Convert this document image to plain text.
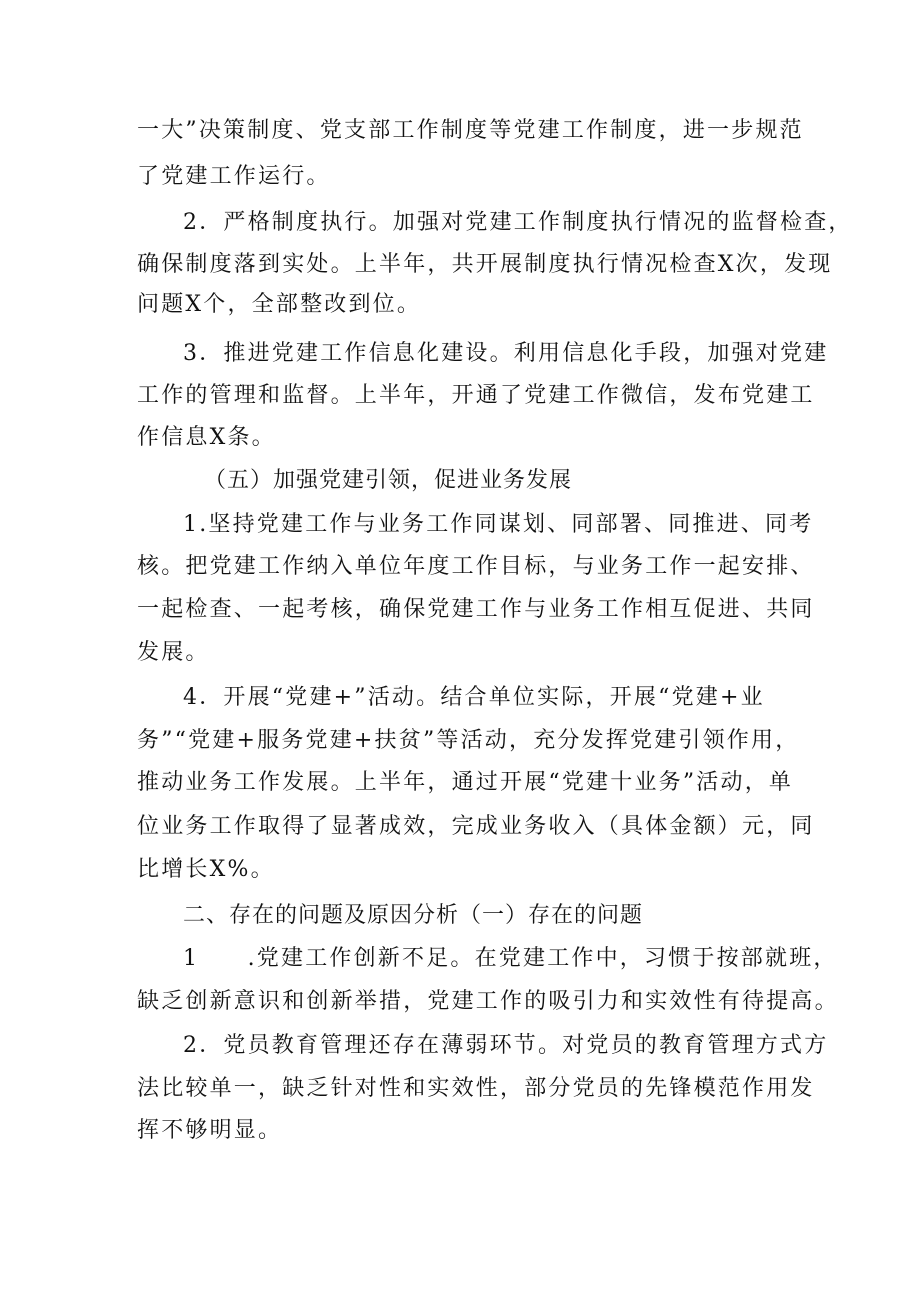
一大”决策制度、党支部工作制度等党建工作制度，进一步规范
了党建工作运行。
2．严格制度执行。加强对党建工作制度执行情况的监督检查，
确保制度落到实处。上半年，共开展制度执行情况检查X次，发现
问题X个，全部整改到位。
3．推进党建工作信息化建设。利用信息化手段，加强对党建
工作的管理和监督。上半年，开通了党建工作微信，发布党建工
作信息X条。
（五）加强党建引领，促进业务发展
1.坚持党建工作与业务工作同谋划、同部署、同推进、同考
核。把党建工作纳入单位年度工作目标，与业务工作一起安排、
一起检查、一起考核，确保党建工作与业务工作相互促进、共同
发展。
4．开展“党建+”活动。结合单位实际，开展“党建+业
务”“党建+服务党建+扶贫”等活动，充分发挥党建引领作用，
推动业务工作发展。上半年，通过开展“党建十业务”活动，单
位业务工作取得了显著成效，完成业务收入（具体金额）元，同
比增长X%。
二、存在的问题及原因分析（一）存在的问题
1　　.党建工作创新不足。在党建工作中，习惯于按部就班，
缺乏创新意识和创新举措，党建工作的吸引力和实效性有待提高。
2．党员教育管理还存在薄弱环节。对党员的教育管理方式方
法比较单一，缺乏针对性和实效性，部分党员的先锋模范作用发
挥不够明显。
